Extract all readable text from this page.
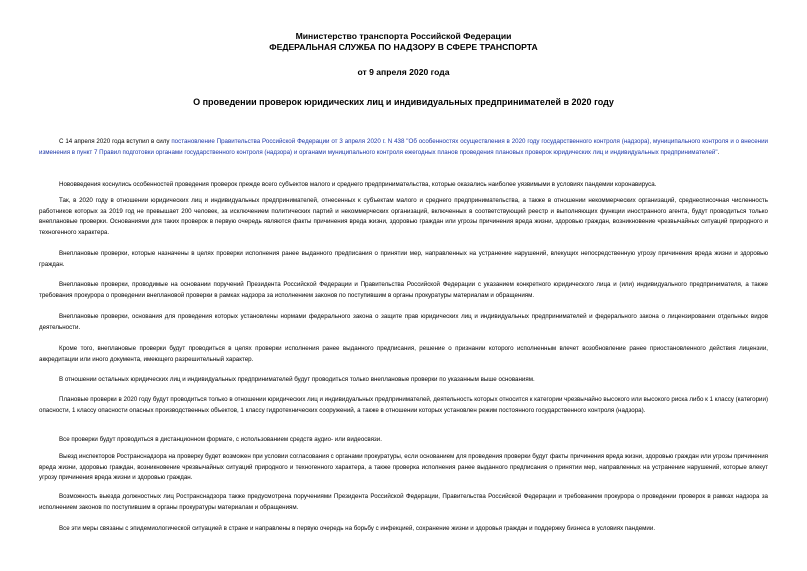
Министерство транспорта Российской Федерации
ФЕДЕРАЛЬНАЯ СЛУЖБА ПО НАДЗОРУ В СФЕРЕ ТРАНСПОРТА
от 9 апреля 2020 года
О проведении проверок юридических лиц и индивидуальных предпринимателей в 2020 году

С 14 апреля 2020 года вступил в силу постановление Правительства Российской Федерации от 3 апреля 2020 г. N 438 "Об особенностях осуществления в 2020 году государственного контроля (надзора), муниципального контроля и о внесении изменения в пункт 7 Правил подготовки органами государственного контроля (надзора) и органами муниципального контроля ежегодных планов проведения плановых проверок юридических лиц и индивидуальных предпринимателей".

Нововведения коснулись особенностей проведения проверок прежде всего субъектов малого и среднего предпринимательства, которые оказались наиболее уязвимыми в условиях пандемии коронавируса.

Так, в 2020 году в отношении юридических лиц и индивидуальных предпринимателей, отнесенных к субъектам малого и среднего предпринимательства, а также в отношении некоммерческих организаций, среднесписочная численность работников которых за 2019 год не превышает 200 человек, за исключением политических партий и некоммерческих организаций, включенных в соответствующий реестр и выполняющих функции иностранного агента, будут проводиться только внеплановые проверки. Основаниями для таких проверок в первую очередь являются факты причинения вреда жизни, здоровью граждан или угрозы причинения вреда жизни, здоровью граждан, возникновение чрезвычайных ситуаций природного и техногенного характера.

Внеплановые проверки, которые назначены в целях проверки исполнения ранее выданного предписания о принятии мер, направленных на устранение нарушений, влекущих непосредственную угрозу причинения вреда жизни и здоровью граждан.

Внеплановые проверки, проводимые на основании поручений Президента Российской Федерации и Правительства Российской Федерации с указанием конкретного юридического лица и (или) индивидуального предпринимателя, а также требования прокурора о проведении внеплановой проверки в рамках надзора за исполнением законов по поступившим в органы прокуратуры материалам и обращениям.

Внеплановые проверки, основания для проведения которых установлены нормами федерального закона о защите прав юридических лиц и индивидуальных предпринимателей и федерального закона о лицензировании отдельных видов деятельности.

Кроме того, внеплановые проверки будут проводиться в целях проверки исполнения ранее выданного предписания, решение о признании которого исполненным влечет возобновление ранее приостановленного действия лицензии, аккредитации или иного документа, имеющего разрешительный характер.

В отношении остальных юридических лиц и индивидуальных предпринимателей будут проводиться только внеплановые проверки по указанным выше основаниям.

Плановые проверки в 2020 году будут проводиться только в отношении юридических лиц и индивидуальных предпринимателей, деятельность которых относится к категории чрезвычайно высокого или высокого риска либо к 1 классу (категории) опасности, 1 классу опасности опасных производственных объектов, 1 классу гидротехнических сооружений, а также в отношении которых установлен режим постоянного государственного контроля (надзора).

Все проверки будут проводиться в дистанционном формате, с использованием средств аудио- или видеосвязи.

Выезд инспекторов Ространснадзора на проверку будет возможен при условии согласования с органами прокуратуры, если основанием для проведения проверки будут факты причинения вреда жизни, здоровью граждан или угрозы причинения вреда жизни, здоровью граждан, возникновение чрезвычайных ситуаций природного и техногенного характера, а также проверка исполнения ранее выданного предписания о принятии мер, направленных на устранение нарушений, которые влекут угрозу причинения вреда жизни и здоровью граждан.

Возможность выезда должностных лиц Ространснадзора также предусмотрена поручениями Президента Российской Федерации, Правительства Российской Федерации и требованием прокурора о проведении проверок в рамках надзора за исполнением законов по поступившим в органы прокуратуры материалам и обращениям.

Все эти меры связаны с эпидемиологической ситуацией в стране и направлены в первую очередь на борьбу с инфекцией, сохранение жизни и здоровья граждан и поддержку бизнеса в условиях пандемии.
